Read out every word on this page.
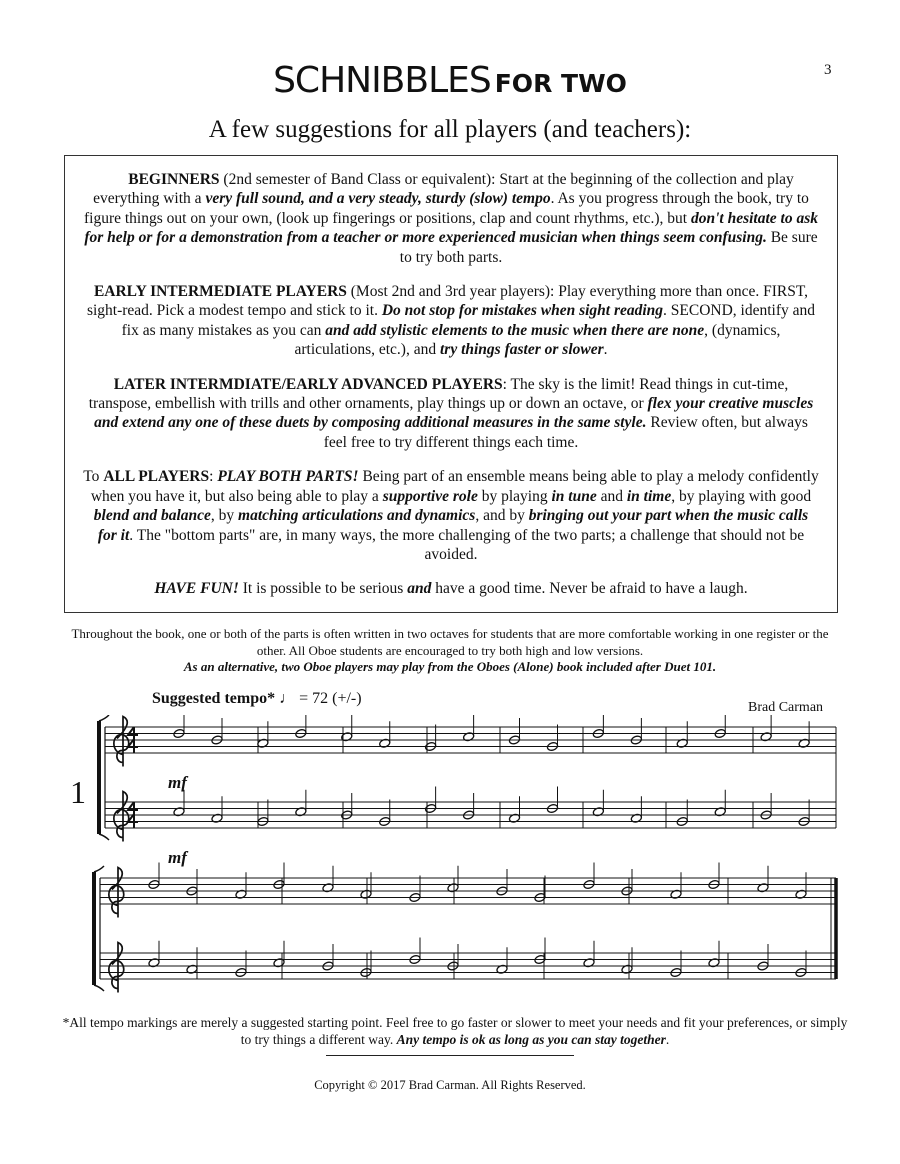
3
SCHNIBBLES FOR TWO
A few suggestions for all players (and teachers):

BEGINNERS (2nd semester of Band Class or equivalent): Start at the beginning of the collection and play everything with a very full sound, and a very steady, sturdy (slow) tempo. As you progress through the book, try to figure things out on your own, (look up fingerings or positions, clap and count rhythms, etc.), but don't hesitate to ask for help or for a demonstration from a teacher or more experienced musician when things seem confusing. Be sure to try both parts.

EARLY INTERMEDIATE PLAYERS (Most 2nd and 3rd year players): Play everything more than once. FIRST, sight-read. Pick a modest tempo and stick to it. Do not stop for mistakes when sight reading. SECOND, identify and fix as many mistakes as you can and add stylistic elements to the music when there are none, (dynamics, articulations, etc.), and try things faster or slower.

LATER INTERMDIATE/EARLY ADVANCED PLAYERS: The sky is the limit! Read things in cut-time, transpose, embellish with trills and other ornaments, play things up or down an octave, or flex your creative muscles and extend any one of these duets by composing additional measures in the same style. Review often, but always feel free to try different things each time.

To ALL PLAYERS: PLAY BOTH PARTS! Being part of an ensemble means being able to play a melody confidently when you have it, but also being able to play a supportive role by playing in tune and in time, by playing with good blend and balance, by matching articulations and dynamics, and by bringing out your part when the music calls for it. The "bottom parts" are, in many ways, the more challenging of the two parts; a challenge that should not be avoided.

HAVE FUN! It is possible to be serious and have a good time. Never be afraid to have a laugh.

Throughout the book, one or both of the parts is often written in two octaves for students that are more comfortable working in one register or the other. All Oboe students are encouraged to try both high and low versions.
As an alternative, two Oboe players may play from the Oboes (Alone) book included after Duet 101.
Suggested tempo* ♩ = 72 (+/-)
Brad Carman
1	mf
mf
*All tempo markings are merely a suggested starting point. Feel free to go faster or slower to meet your needs and fit your preferences, or simply to try things a different way. Any tempo is ok as long as you can stay together.
Copyright © 2017 Brad Carman. All Rights Reserved.
